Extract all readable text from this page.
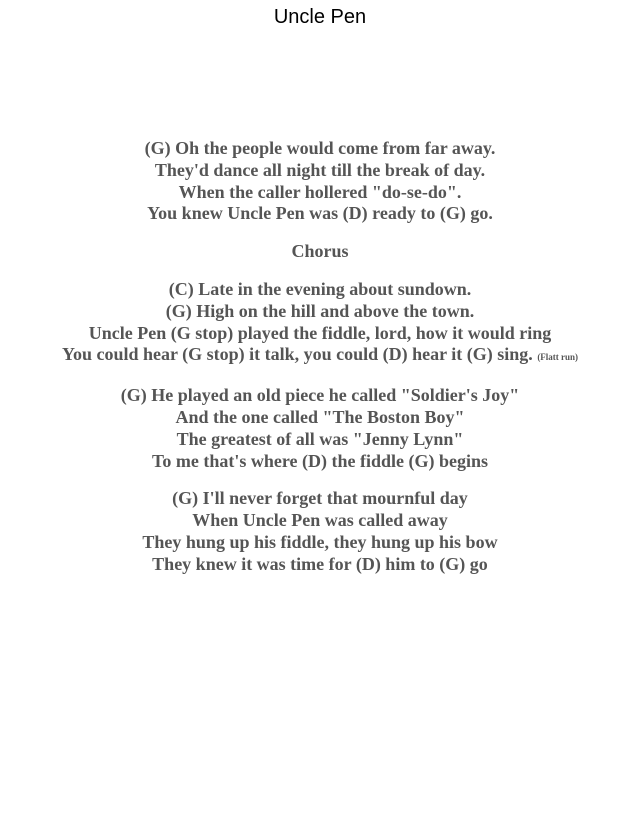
Uncle Pen
(G) Oh the people would come from far away.
They'd dance all night till the break of day.
When the caller hollered "do-se-do".
You knew Uncle Pen was (D) ready to (G) go.
Chorus
(C) Late in the evening about sundown.
(G) High on the hill and above the town.
Uncle Pen (G stop) played the fiddle, lord, how it would ring
You could hear (G stop) it talk, you could (D) hear it (G) sing. (Flatt run)
(G) He played an old piece he called "Soldier's Joy"
And the one called "The Boston Boy"
The greatest of all was "Jenny Lynn"
To me that's where (D) the fiddle (G) begins
(G) I'll never forget that mournful day
When Uncle Pen was called away
They hung up his fiddle, they hung up his bow
They knew it was time for (D) him to (G) go
